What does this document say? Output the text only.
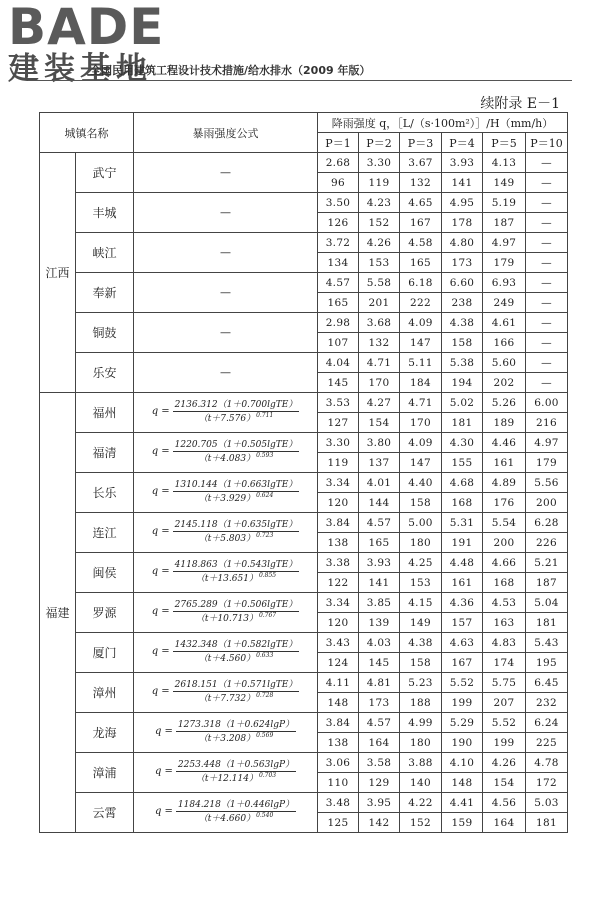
BADE
建装基地
全国民用建筑工程设计技术措施/给水排水（2009 年版）
续附录 E－1
城镇名称		暴雨强度公式	降雨强度 q，［L/（s·100m²）］/H（mm/h）					
			P＝1	P＝2	P＝3	P＝4	P＝5	P＝10
江西	武宁	—	2.68	3.30	3.67	3.93	4.13	—
			96	119	132	141	149	—
	丰城	—	3.50	4.23	4.65	4.95	5.19	—
			126	152	167	178	187	—
	峡江	—	3.72	4.26	4.58	4.80	4.97	—
			134	153	165	173	179	—
	奉新	—	4.57	5.58	6.18	6.60	6.93	—
			165	201	222	238	249	—
	铜鼓	—	2.98	3.68	4.09	4.38	4.61	—
			107	132	147	158	166	—
	乐安	—	4.04	4.71	5.11	5.38	5.60	—
			145	170	184	194	202	—
福建	福州	$q = \frac{\text{2136.312（1＋0.700lgTE）}}{(t+7.576)^{0.711}}$	3.53	4.27	4.71	5.02	5.26	6.00
			127	154	170	181	189	216
	福清	$q = \frac{\text{1220.705（1＋0.505lgTE）}}{(t+4.083)^{0.593}}$	3.30	3.80	4.09	4.30	4.46	4.97
			119	137	147	155	161	179
	长乐	$q = \frac{\text{1310.144（1＋0.663lgTE）}}{(t+3.929)^{0.624}}$	3.34	4.01	4.40	4.68	4.89	5.56
			120	144	158	168	176	200
	连江	$q = \frac{\text{2145.118（1＋0.635lgTE）}}{(t+5.803)^{0.723}}$	3.84	4.57	5.00	5.31	5.54	6.28
			138	165	180	191	200	226
	闽侯	$q = \frac{\text{4118.863（1＋0.543lgTE）}}{(t+13.651)^{0.855}}$	3.38	3.93	4.25	4.48	4.66	5.21
			122	141	153	161	168	187
	罗源	$q = \frac{\text{2765.289（1＋0.506lgTE）}}{(t+10.713)^{0.767}}$	3.34	3.85	4.15	4.36	4.53	5.04
			120	139	149	157	163	181
	厦门	$q = \frac{\text{1432.348（1＋0.582lgTE）}}{(t+4.560)^{0.633}}$	3.43	4.03	4.38	4.63	4.83	5.43
			124	145	158	167	174	195
	漳州	$q = \frac{\text{2618.151（1＋0.571lgTE）}}{(t+7.732)^{0.728}}$	4.11	4.81	5.23	5.52	5.75	6.45
			148	173	188	199	207	232
	龙海	$q = \frac{1273.318(1+0.624\lg P)}{(t+3.208)^{0.569}}$	3.84	4.57	4.99	5.29	5.52	6.24
			138	164	180	190	199	225
	漳浦	$q = \frac{2253.448(1+0.563\lg P)}{(t+12.114)^{0.703}}$	3.06	3.58	3.88	4.10	4.26	4.78
			110	129	140	148	154	172
	云霄	$q = \frac{1184.218(1+0.446\lg P)}{(t+4.660)^{0.540}}$	3.48	3.95	4.22	4.41	4.56	5.03
			125	142	152	159	164	181
